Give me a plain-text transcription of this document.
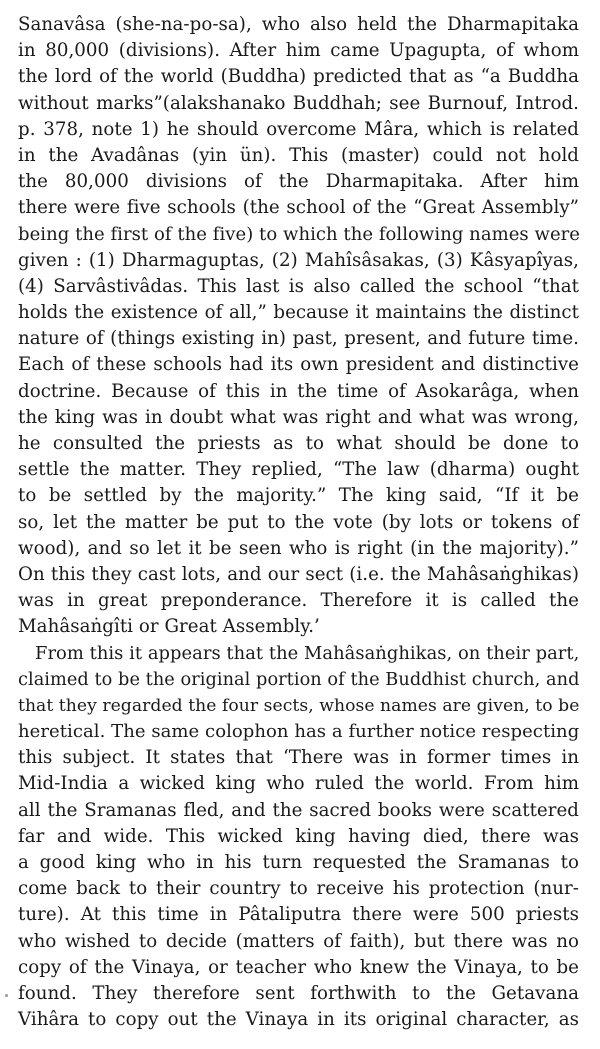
Sanavâsa (she-na-po-sa), who also held the Dharmapitaka
in 80,000 (divisions). After him came Upagupta, of whom
the lord of the world (Buddha) predicted that as “a Buddha
without marks”(alakshanako Buddhah; see Burnouf, Introd.
p. 378, note 1) he should overcome Mâra, which is related
in the Avadânas (yin ün). This (master) could not hold
the 80,000 divisions of the Dharmapitaka. After him
there were five schools (the school of the “Great Assembly”
being the first of the five) to which the following names were
given : (1) Dharmaguptas, (2) Mahîsâsakas, (3) Kâsyapîyas,
(4) Sarvâstivâdas. This last is also called the school “that
holds the existence of all,” because it maintains the distinct
nature of (things existing in) past, present, and future time.
Each of these schools had its own president and distinctive
doctrine. Because of this in the time of Asokarâga, when
the king was in doubt what was right and what was wrong,
he consulted the priests as to what should be done to
settle the matter. They replied, “The law (dharma) ought
to be settled by the majority.” The king said, “If it be
so, let the matter be put to the vote (by lots or tokens of
wood), and so let it be seen who is right (in the majority).”
On this they cast lots, and our sect (i.e. the Mahâsaṅghikas)
was in great preponderance. Therefore it is called the
Mahâsaṅgîti or Great Assembly.’
From this it appears that the Mahâsaṅghikas, on their part,
claimed to be the original portion of the Buddhist church, and
that they regarded the four sects, whose names are given, to be
heretical. The same colophon has a further notice respecting
this subject. It states that ‘There was in former times in
Mid-India a wicked king who ruled the world. From him
all the Sramanas fled, and the sacred books were scattered
far and wide. This wicked king having died, there was
a good king who in his turn requested the Sramanas to
come back to their country to receive his protection (nur-
ture). At this time in Pâtaliputra there were 500 priests
who wished to decide (matters of faith), but there was no
copy of the Vinaya, or teacher who knew the Vinaya, to be
found. They therefore sent forthwith to the Getavana
Vihâra to copy out the Vinaya in its original character, as
